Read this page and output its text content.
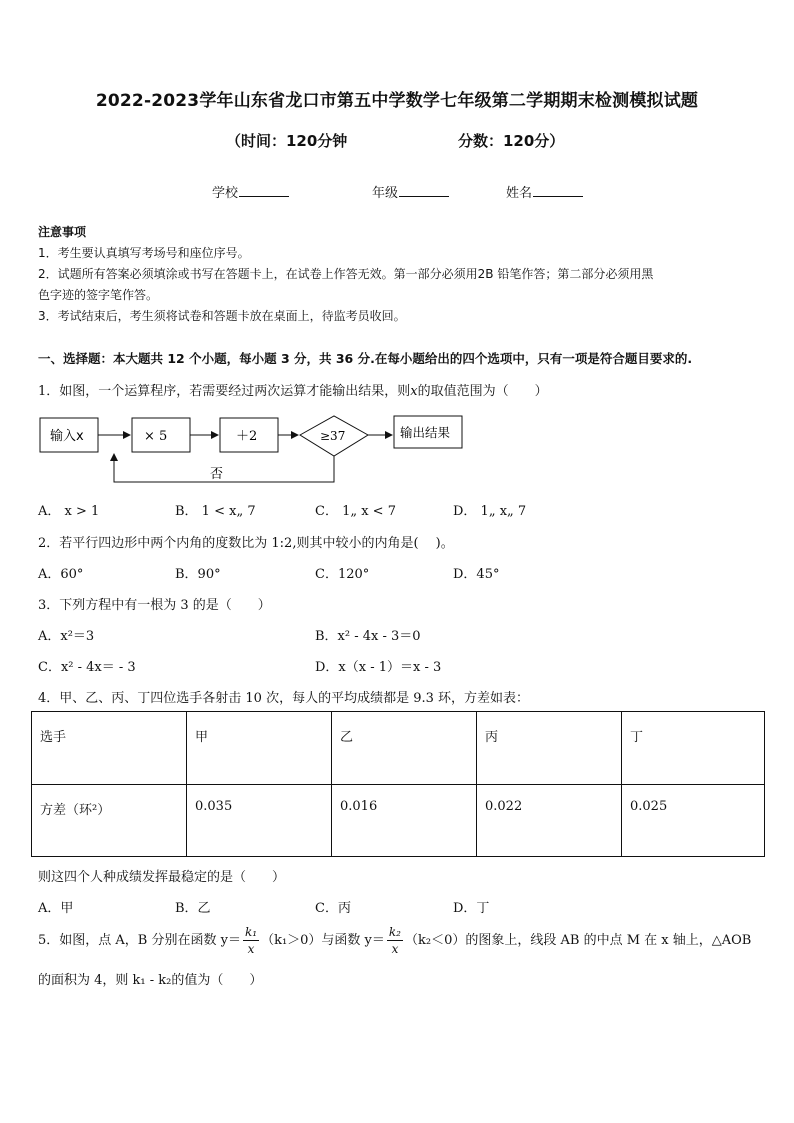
2022-2023学年山东省龙口市第五中学数学七年级第二学期期末检测模拟试题
（时间：120分钟	分数：120分）
学校	年级	姓名
注意事项
1．考生要认真填写考场号和座位序号。
2．试题所有答案必须填涂或书写在答题卡上，在试卷上作答无效。第一部分必须用2B 铅笔作答；第二部分必须用黑
色字迹的签字笔作答。
3．考试结束后，考生须将试卷和答题卡放在桌面上，待监考员收回。
一、选择题：本大题共 12 个小题，每小题 3 分，共 36 分.在每小题给出的四个选项中，只有一项是符合题目要求的.
1．如图，一个运算程序，若需要经过两次运算才能输出结果，则x的取值范围为（　　）
输入x	× 5	＋2	≥37	输出结果
否
A． x > 1	B． 1 < x„ 7	C． 1„ x < 7	D． 1„ x„ 7
2．若平行四边形中两个内角的度数比为 1:2,则其中较小的内角是(　 )。
A．60°	B．90°	C．120°	D．45°
3．下列方程中有一根为 3 的是（　　）
A．x²＝3	B．x² - 4x - 3＝0
C．x² - 4x＝ - 3	D．x（x - 1）＝x - 3
4．甲、乙、丙、丁四位选手各射击 10 次，每人的平均成绩都是 9.3 环，方差如表：
选手	甲	乙	丙	丁
方差（环²）	0.035	0.016	0.022	0.025
则这四个人种成绩发挥最稳定的是（　　）
A．甲	B．乙	C．丙	D．丁
5．如图，点 A，B 分别在函数 $y= \frac{\text{k₁}}{x} (k_1>0)$与函数 $y= \frac{\text{k₂}}{x} (k_2<0)$的图象上，线段 AB 的中点 M 在 x 轴上，△AOB
的面积为 4，则 k₁ - k₂的值为（　　）
